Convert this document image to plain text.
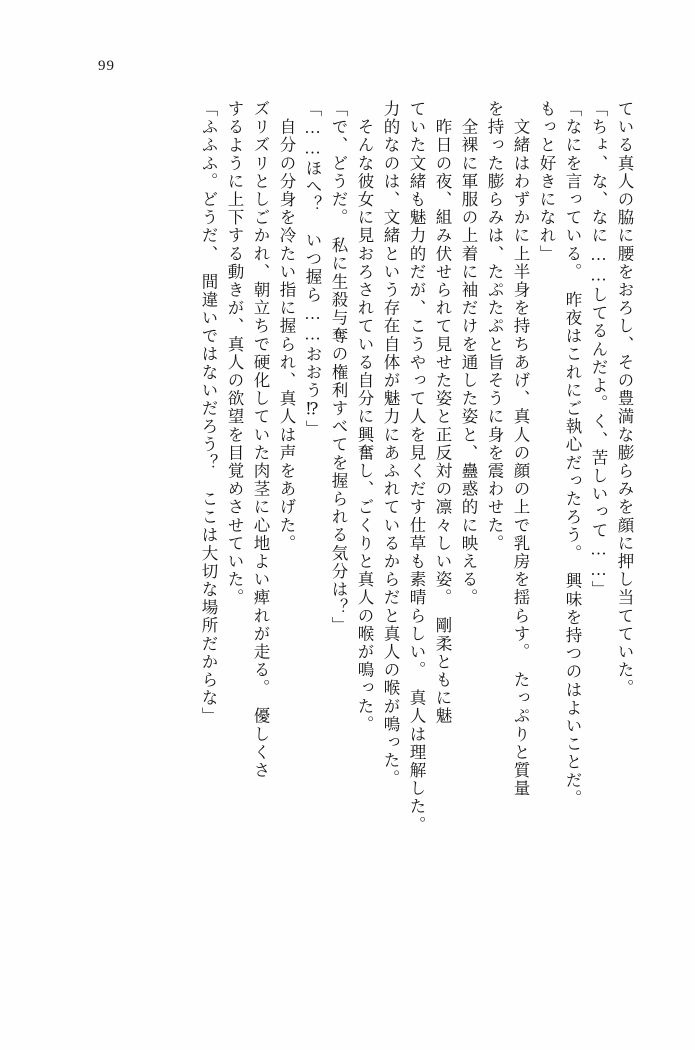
99
ている真人の脇に腰をおろし、その豊満な膨らみを顔に押し当てていた。
「ちょ、な、なに……してるんだよ。く、苦しいって……」
「なにを言っている。　昨夜はこれにご執心だったろう。　興味を持つのはよいことだ。
もっと好きになれ」
　文緒はわずかに上半身を持ちあげ、真人の顔の上で乳房を揺らす。　たっぷりと質量
を持った膨らみは、たぷたぷと旨そうに身を震わせた。
　全裸に軍服の上着に袖だけを通した姿と、蠱惑的に映える。
　昨日の夜、組み伏せられて見せた姿と正反対の凛々しい姿。　剛柔ともに魅
ていた文緒も魅力的だが、こうやって人を見くだす仕草も素晴らしい。　真人は理解した。
力的なのは、文緒という存在自体が魅力にあふれているからだと真人の喉が鳴った。
　そんな彼女に見おろされている自分に興奮し、ごくりと真人の喉が鳴った。
「で、どうだ。　私に生殺与奪の権利すべてを握られる気分は？」
「……ほへ？　いつ握ら……おおう⁉」
　自分の分身を冷たい指に握られ、真人は声をあげた。
ズリズリとしごかれ、朝立ちで硬化していた肉茎に心地よい痺れが走る。　優しくさ
するように上下する動きが、真人の欲望を目覚めさせていた。
「ふふふ。どうだ、　間違いではないだろう？　ここは大切な場所だからな」
